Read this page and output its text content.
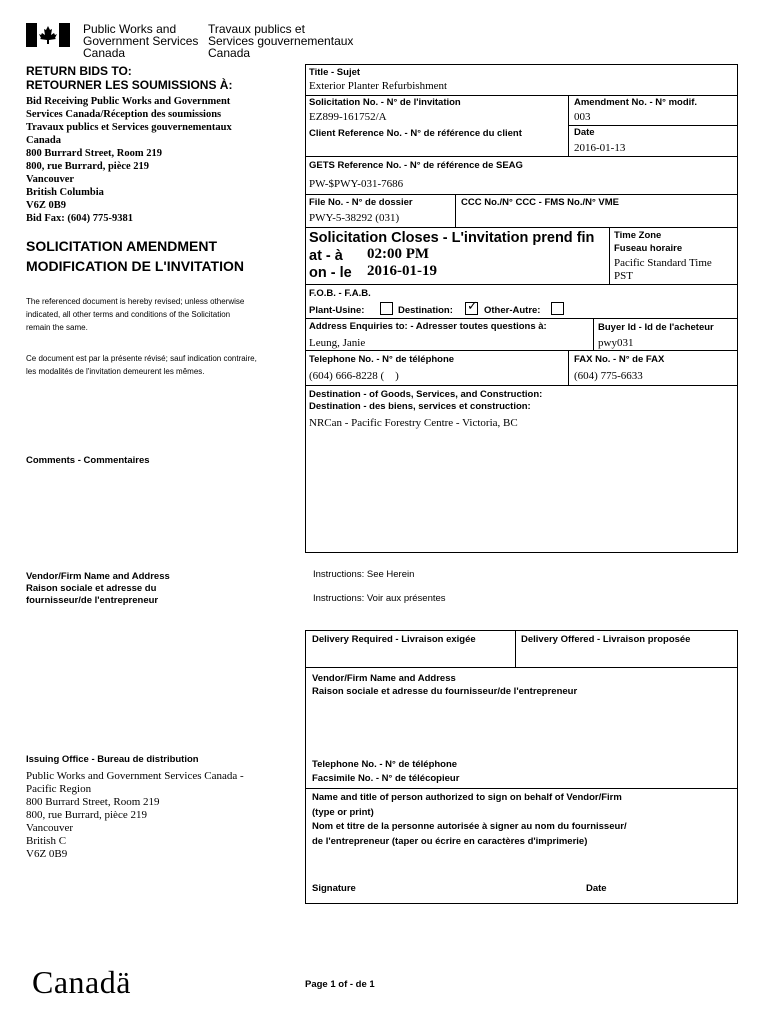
Public Works and
Government Services
Canada
Travaux publics et
Services gouvernementaux
Canada
RETURN BIDS TO:
RETOURNER LES SOUMISSIONS À:
Bid Receiving Public Works and Government
Services Canada/Réception des soumissions
Travaux publics et Services gouvernementaux
Canada
800 Burrard Street, Room 219
800, rue Burrard, pièce 219
Vancouver
British Columbia
V6Z 0B9
Bid Fax: (604) 775-9381
SOLICITATION AMENDMENT
MODIFICATION DE L'INVITATION
The referenced document is hereby revised; unless otherwise
indicated, all other terms and conditions of the Solicitation
remain the same.
Ce document est par la présente révisé; sauf indication contraire,
les modalités de l'invitation demeurent les mêmes.
Comments - Commentaires
Vendor/Firm Name and Address
Raison sociale et adresse du
fournisseur/de l'entrepreneur
Issuing Office - Bureau de distribution
Public Works and Government Services Canada -
Pacific Region
800 Burrard Street, Room 219
800, rue Burrard, pièce 219
Vancouver
British C
V6Z 0B9
Title - Sujet
Exterior Planter Refurbishment
Solicitation No. - N° de l'invitation
EZ899-161752/A
Amendment No. - N° modif.
003
Client Reference No. - N° de référence du client	Date
2016-01-13
GETS Reference No. - N° de référence de SEAG
PW-$PWY-031-7686
File No. - N° de dossier
PWY-5-38292 (031)
CCC No./N° CCC - FMS No./N° VME
Solicitation Closes - L'invitation prend fin
at - à 02:00 PM
on - le 2016-01-19
Time Zone
Fuseau horaire
Pacific Standard Time
PST
F.O.B. - F.A.B.
Plant-Usine:	Destination: ✓ Other-Autre:
Address Enquiries to: - Adresser toutes questions à:
Leung, Janie
Buyer Id - Id de l'acheteur
pwy031
Telephone No. - N° de téléphone
(604) 666-8228 (    )
FAX No. - N° de FAX
(604) 775-6633
Destination - of Goods, Services, and Construction:
Destination - des biens, services et construction:
NRCan - Pacific Forestry Centre - Victoria, BC
Instructions: See Herein
Instructions: Voir aux présentes
Delivery Required - Livraison exigée	Delivery Offered - Livraison proposée
Vendor/Firm Name and Address
Raison sociale et adresse du fournisseur/de l'entrepreneur
Telephone No. - N° de téléphone
Facsimile No. - N° de télécopieur
Name and title of person authorized to sign on behalf of Vendor/Firm
(type or print)
Nom et titre de la personne autorisée à signer au nom du fournisseur/
de l'entrepreneur (taper ou écrire en caractères d'imprimerie)
Signature	Date
Canadä	Page 1 of - de 1
